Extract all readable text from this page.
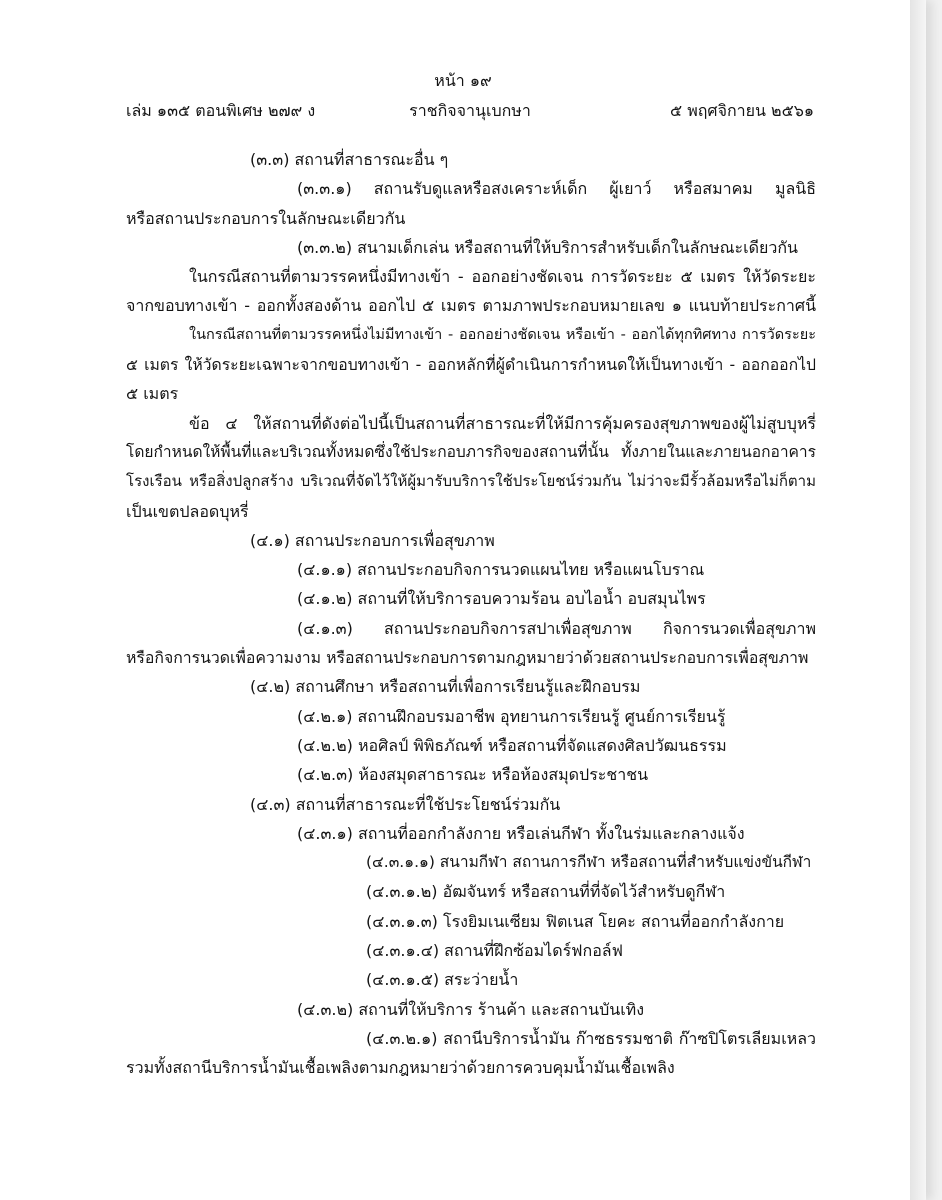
หน้า ๑๙
เล่ม ๑๓๕ ตอนพิเศษ ๒๗๙ ง	ราชกิจจานุเบกษา	๕ พฤศจิกายน ๒๕๖๑
(๓.๓) สถานที่สาธารณะอื่น ๆ
(๓.๓.๑) สถานรับดูแลหรือสงเคราะห์เด็ก ผู้เยาว์ หรือสมาคม มูลนิธิ
หรือสถานประกอบการในลักษณะเดียวกัน
(๓.๓.๒) สนามเด็กเล่น หรือสถานที่ให้บริการสำหรับเด็กในลักษณะเดียวกัน
ในกรณีสถานที่ตามวรรคหนึ่งมีทางเข้า - ออกอย่างชัดเจน การวัดระยะ ๕ เมตร ให้วัดระยะ
จากขอบทางเข้า - ออกทั้งสองด้าน ออกไป ๕ เมตร ตามภาพประกอบหมายเลข ๑ แนบท้ายประกาศนี้
ในกรณีสถานที่ตามวรรคหนึ่งไม่มีทางเข้า - ออกอย่างชัดเจน หรือเข้า - ออกได้ทุกทิศทาง การวัดระยะ
๕ เมตร ให้วัดระยะเฉพาะจากขอบทางเข้า - ออกหลักที่ผู้ดำเนินการกำหนดให้เป็นทางเข้า - ออกออกไป
๕ เมตร
ข้อ ๔ ให้สถานที่ดังต่อไปนี้เป็นสถานที่สาธารณะที่ให้มีการคุ้มครองสุขภาพของผู้ไม่สูบบุหรี่
โดยกำหนดให้พื้นที่และบริเวณทั้งหมดซึ่งใช้ประกอบภารกิจของสถานที่นั้น ทั้งภายในและภายนอกอาคาร
โรงเรือน หรือสิ่งปลูกสร้าง บริเวณที่จัดไว้ให้ผู้มารับบริการใช้ประโยชน์ร่วมกัน ไม่ว่าจะมีรั้วล้อมหรือไม่ก็ตาม
เป็นเขตปลอดบุหรี่
(๔.๑) สถานประกอบการเพื่อสุขภาพ
(๔.๑.๑) สถานประกอบกิจการนวดแผนไทย หรือแผนโบราณ
(๔.๑.๒) สถานที่ให้บริการอบความร้อน อบไอน้ำ อบสมุนไพร
(๔.๑.๓) สถานประกอบกิจการสปาเพื่อสุขภาพ กิจการนวดเพื่อสุขภาพ
หรือกิจการนวดเพื่อความงาม หรือสถานประกอบการตามกฎหมายว่าด้วยสถานประกอบการเพื่อสุขภาพ
(๔.๒) สถานศึกษา หรือสถานที่เพื่อการเรียนรู้และฝึกอบรม
(๔.๒.๑) สถานฝึกอบรมอาชีพ อุทยานการเรียนรู้ ศูนย์การเรียนรู้
(๔.๒.๒) หอศิลป์ พิพิธภัณฑ์ หรือสถานที่จัดแสดงศิลปวัฒนธรรม
(๔.๒.๓) ห้องสมุดสาธารณะ หรือห้องสมุดประชาชน
(๔.๓) สถานที่สาธารณะที่ใช้ประโยชน์ร่วมกัน
(๔.๓.๑) สถานที่ออกกำลังกาย หรือเล่นกีฬา ทั้งในร่มและกลางแจ้ง
(๔.๓.๑.๑) สนามกีฬา สถานการกีฬา หรือสถานที่สำหรับแข่งขันกีฬา
(๔.๓.๑.๒) อัฒจันทร์ หรือสถานที่ที่จัดไว้สำหรับดูกีฬา
(๔.๓.๑.๓) โรงยิมเนเซียม ฟิตเนส โยคะ สถานที่ออกกำลังกาย
(๔.๓.๑.๔) สถานที่ฝึกซ้อมไดร์ฟกอล์ฟ
(๔.๓.๑.๕) สระว่ายน้ำ
(๔.๓.๒) สถานที่ให้บริการ ร้านค้า และสถานบันเทิง
(๔.๓.๒.๑) สถานีบริการน้ำมัน ก๊าซธรรมชาติ ก๊าซปิโตรเลียมเหลว
รวมทั้งสถานีบริการน้ำมันเชื้อเพลิงตามกฎหมายว่าด้วยการควบคุมน้ำมันเชื้อเพลิง
